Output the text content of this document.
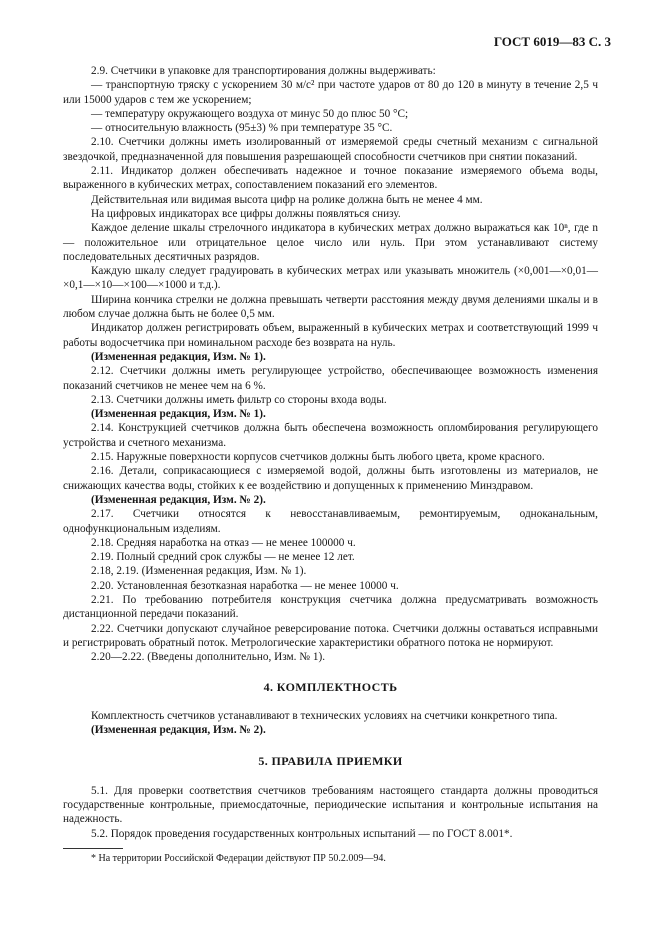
ГОСТ 6019—83 С. 3

2.9. Счетчики в упаковке для транспортирования должны выдерживать:

— транспортную тряску с ускорением 30 м/с² при частоте ударов от 80 до 120 в минуту в течение 2,5 ч или 15000 ударов с тем же ускорением;

— температуру окружающего воздуха от минус 50 до плюс 50 °С;

— относительную влажность (95±3) % при температуре 35 °С.

2.10. Счетчики должны иметь изолированный от измеряемой среды счетный механизм с сигнальной звездочкой, предназначенной для повышения разрешающей способности счетчиков при снятии показаний.

2.11. Индикатор должен обеспечивать надежное и точное показание измеряемого объема воды, выраженного в кубических метрах, сопоставлением показаний его элементов.

Действительная или видимая высота цифр на ролике должна быть не менее 4 мм.

На цифровых индикаторах все цифры должны появляться снизу.

Каждое деление шкалы стрелочного индикатора в кубических метрах должно выражаться как 10ⁿ, где n — положительное или отрицательное целое число или нуль. При этом устанавливают систему последовательных десятичных разрядов.

Каждую шкалу следует градуировать в кубических метрах или указывать множитель (×0,001—×0,01—×0,1—×10—×100—×1000 и т.д.).

Ширина кончика стрелки не должна превышать четверти расстояния между двумя делениями шкалы и в любом случае должна быть не более 0,5 мм.

Индикатор должен регистрировать объем, выраженный в кубических метрах и соответствующий 1999 ч работы водосчетчика при номинальном расходе без возврата на нуль.

(Измененная редакция, Изм. № 1).

2.12. Счетчики должны иметь регулирующее устройство, обеспечивающее возможность изменения показаний счетчиков не менее чем на 6 %.

2.13. Счетчики должны иметь фильтр со стороны входа воды.

(Измененная редакция, Изм. № 1).

2.14. Конструкцией счетчиков должна быть обеспечена возможность опломбирования регулирующего устройства и счетного механизма.

2.15. Наружные поверхности корпусов счетчиков должны быть любого цвета, кроме красного.

2.16. Детали, соприкасающиеся с измеряемой водой, должны быть изготовлены из материалов, не снижающих качества воды, стойких к ее воздействию и допущенных к применению Минздравом.

(Измененная редакция, Изм. № 2).

2.17. Счетчики относятся к невосстанавливаемым, ремонтируемым, одноканальным, однофункциональным изделиям.

2.18. Средняя наработка на отказ — не менее 100000 ч.

2.19. Полный средний срок службы — не менее 12 лет.

2.18, 2.19. (Измененная редакция, Изм. № 1).

2.20. Установленная безотказная наработка — не менее 10000 ч.

2.21. По требованию потребителя конструкция счетчика должна предусматривать возможность дистанционной передачи показаний.

2.22. Счетчики допускают случайное реверсирование потока. Счетчики должны оставаться исправными и регистрировать обратный поток. Метрологические характеристики обратного потока не нормируют.

2.20—2.22. (Введены дополнительно, Изм. № 1).

4. КОМПЛЕКТНОСТЬ

Комплектность счетчиков устанавливают в технических условиях на счетчики конкретного типа.

(Измененная редакция, Изм. № 2).

5. ПРАВИЛА ПРИЕМКИ

5.1. Для проверки соответствия счетчиков требованиям настоящего стандарта должны проводиться государственные контрольные, приемосдаточные, периодические испытания и контрольные испытания на надежность.

5.2. Порядок проведения государственных контрольных испытаний — по ГОСТ 8.001*.

* На территории Российской Федерации действуют ПР 50.2.009—94.
